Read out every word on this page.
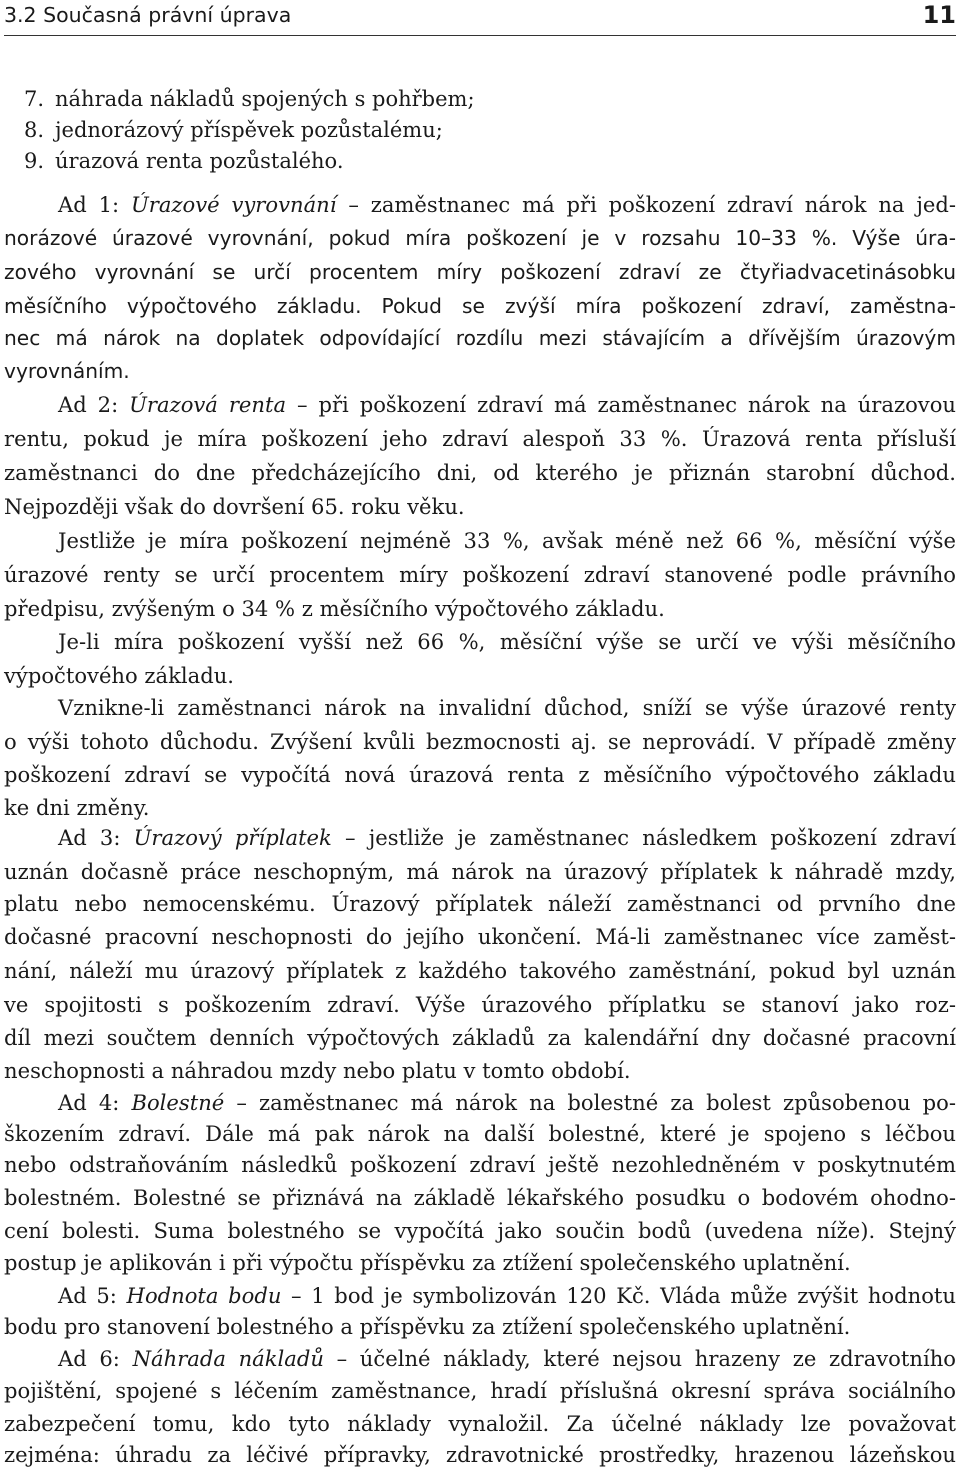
3.2 Současná právní úprava	11
7. náhrada nákladů spojených s pohřbem;
8. jednorázový příspěvek pozůstalému;
9. úrazová renta pozůstalého.
Ad 1: Úrazové vyrovnání – zaměstnanec má při poškození zdraví nárok na jed-
norázové úrazové vyrovnání, pokud míra poškození je v rozsahu 10–33 %. Výše úra-
zového vyrovnání se určí procentem míry poškození zdraví ze čtyřiadvacetinásobku
měsíčního výpočtového základu. Pokud se zvýší míra poškození zdraví, zaměstna-
nec má nárok na doplatek odpovídající rozdílu mezi stávajícím a dřívějším úrazovým
vyrovnáním.
Ad 2: Úrazová renta – při poškození zdraví má zaměstnanec nárok na úrazovou
rentu, pokud je míra poškození jeho zdraví alespoň 33 %. Úrazová renta přísluší
zaměstnanci do dne předcházejícího dni, od kterého je přiznán starobní důchod.
Nejpozději však do dovršení 65. roku věku.
Jestliže je míra poškození nejméně 33 %, avšak méně než 66 %, měsíční výše
úrazové renty se určí procentem míry poškození zdraví stanovené podle právního
předpisu, zvýšeným o 34 % z měsíčního výpočtového základu.
Je-li míra poškození vyšší než 66 %, měsíční výše se určí ve výši měsíčního
výpočtového základu.
Vznikne-li zaměstnanci nárok na invalidní důchod, sníží se výše úrazové renty
o výši tohoto důchodu. Zvýšení kvůli bezmocnosti aj. se neprovádí. V případě změny
poškození zdraví se vypočítá nová úrazová renta z měsíčního výpočtového základu
ke dni změny.
Ad 3: Úrazový příplatek – jestliže je zaměstnanec následkem poškození zdraví
uznán dočasně práce neschopným, má nárok na úrazový příplatek k náhradě mzdy,
platu nebo nemocenskému. Úrazový příplatek náleží zaměstnanci od prvního dne
dočasné pracovní neschopnosti do jejího ukončení. Má-li zaměstnanec více zaměst-
nání, náleží mu úrazový příplatek z každého takového zaměstnání, pokud byl uznán
ve spojitosti s poškozením zdraví. Výše úrazového příplatku se stanoví jako roz-
díl mezi součtem denních výpočtových základů za kalendářní dny dočasné pracovní
neschopnosti a náhradou mzdy nebo platu v tomto období.
Ad 4: Bolestné – zaměstnanec má nárok na bolestné za bolest způsobenou po-
škozením zdraví. Dále má pak nárok na další bolestné, které je spojeno s léčbou
nebo odstraňováním následků poškození zdraví ještě nezohledněném v poskytnutém
bolestném. Bolestné se přiznává na základě lékařského posudku o bodovém ohodno-
cení bolesti. Suma bolestného se vypočítá jako součin bodů (uvedena níže). Stejný
postup je aplikován i při výpočtu příspěvku za ztížení společenského uplatnění.
Ad 5: Hodnota bodu – 1 bod je symbolizován 120 Kč. Vláda může zvýšit hodnotu
bodu pro stanovení bolestného a příspěvku za ztížení společenského uplatnění.
Ad 6: Náhrada nákladů – účelné náklady, které nejsou hrazeny ze zdravotního
pojištění, spojené s léčením zaměstnance, hradí příslušná okresní správa sociálního
zabezpečení tomu, kdo tyto náklady vynaložil. Za účelné náklady lze považovat
zejména: úhradu za léčivé přípravky, zdravotnické prostředky, hrazenou lázeňskou
